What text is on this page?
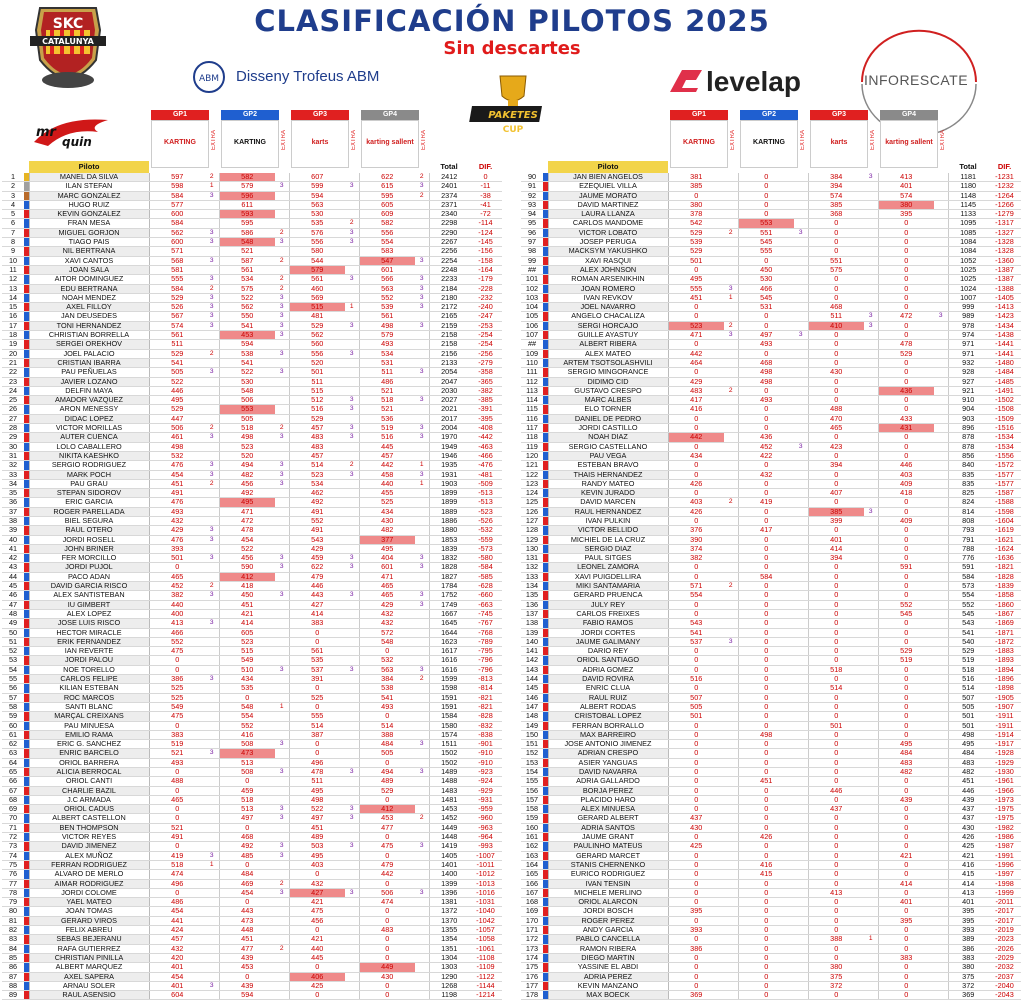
CLASIFICACIÓN PILOTOS 2025
Sin descartes
SKC
CATALUNYA
mr
quin
ABM Disseny Trofeus ABM
PAKETES
CUP
levelap	INFORESCATE
GP1
KARTING	EXTRA
GP2
KARTING	EXTRA
GP3
karts	EXTRA
GP4
karting sallent	EXTRA
Piloto	Total	DIF.
GP1
KARTING	EXTRA
GP2
KARTING	EXTRA
GP3
karts	EXTRA
GP4
karting sallent	EXTRA
Piloto	Total	DIF.
1		MANEL DA SILVA	597	2	582		607		622	2	2412	0
2		ILAN STEFAN	598	1	579	3	599	3	615	3	2401	-11
3		MARC GONZALEZ	584	3	596		594		595	2	2374	-38
4		HUGO RUIZ	577		611		563		605		2371	-41
5		KEVIN GONZALEZ	600		593		530		609		2340	-72
6		FRAN MESA	584		595		535	2	582		2298	-114
7		MIGUEL GORJON	562	3	586	2	576	3	556		2290	-124
8		TIAGO PAIS	600	3	548	3	556	3	554		2267	-145
9		NIL BERTRANA	571		521		580		583		2256	-156
10		XAVI CANTOS	568	3	587	2	544		547	3	2254	-158
11		JOAN SALA	581		561		579		601		2248	-164
12		AITOR DOMINGUEZ	555	3	534	2	561	3	566	3	2233	-179
13		EDU BERTRANA	584	2	575	2	460		563	3	2184	-228
14		NOAH MENDEZ	529	3	522	3	569		552	3	2180	-232
15		AXEL FILLOY	526	3	562	3	515	1	539	3	2172	-240
16		JAN DEUSEDES	567	3	550	3	481		561		2165	-247
17		TONI HERNANDEZ	574	3	541	3	529	3	498	3	2159	-253
18		CHRISTIAN BORRELLA	561		453	3	562		579		2158	-254
19		SERGEI OREKHOV	511		594		560		493		2158	-254
20		JOEL PALACIO	529	2	538	3	556	3	534		2156	-256
21		CRISTIAN IBARRA	541		541		520		531		2133	-279
22		PAU PEÑUELAS	505	3	522	3	501		511	3	2054	-358
23		JAVIER LOZANO	522		530		511		486		2047	-365
24		DELFIN MAYA	446		548		515		521		2030	-382
25		AMADOR VAZQUEZ	495		506		512	3	518	3	2027	-385
26		ARON MENESSY	529		553		516	3	521		2021	-391
27		DIDAC LOPEZ	447		505		529		536		2017	-395
28		VICTOR MORILLAS	506	2	518	2	457	3	519	3	2004	-408
29		AUTER CUENCA	461	3	498	3	483	3	516	3	1970	-442
30		LOLO CABALLERO	498		523		483		445		1949	-463
31		NIKITA KAESHKO	532		520		457		457		1946	-466
32		SERGIO RODRIGUEZ	476	3	494	3	514	2	442	1	1935	-476
33		MARK POCH	454	3	482	3	523	3	458	3	1931	-481
34		PAU GRAU	451	2	456	3	534		440	1	1903	-509
35		STEPAN SIDOROV	491		492		462		455		1899	-513
36		ERIC GARCIA	476		495		492		525		1899	-513
37		ROGER PARELLADA	493		471		491		434		1889	-523
38		BIEL SEGURA	432		472		552		430		1886	-526
39		RAUL OTERO	429	3	478		491		482		1880	-532
40		JORDI ROSELL	476	3	454		543		377		1853	-559
41		JOHN BRINER	393		522		429		495		1839	-573
42		FER MORCILLO	501	3	456	3	459	3	404	3	1832	-580
43		JORDI PUJOL	0		590	3	622	3	601	3	1828	-584
44		PACO ADAN	465		412		479		471		1827	-585
45		DAVID GARCIA RISCO	452	2	418		446		465		1784	-628
46		ALEX SANTISTEBAN	382	3	450	3	443	3	465	3	1752	-660
47		IU GIMBERT	440		451		427		429	3	1749	-663
48		ALEX LOPEZ	400		421		414		432		1667	-745
49		JOSE LUIS RISCO	413	3	414		383		432		1645	-767
50		HECTOR MIRACLE	466		605		0		572		1644	-768
51		ERIK FERNANDEZ	552		523		0		548		1623	-789
52		IAN REVERTE	475		515		561		0		1617	-795
53		JORDI PALOU	0		549		535		532		1616	-796
54		NOE TORELLO	0		510	3	537	3	563	3	1616	-796
55		CARLOS FELIPE	386	3	434		391		384	2	1599	-813
56		KILIAN ESTEBAN	525		535		0		538		1598	-814
57		ROC MARCOS	525		0		525		541		1591	-821
58		SANTI BLANC	549		548	1	0		493		1591	-821
59		MARÇAL CREIXANS	475		554		555		0		1584	-828
60		PAU MINUESA	0		552		514		514		1580	-832
61		EMILIO RAMA	383		416		387		388		1574	-838
62		ERIC G. SANCHEZ	519		508	3	0		484	3	1511	-901
63		ENRIC BARCELO	521	3	473		0		505		1502	-910
64		ORIOL BARRERA	493		513		496		0		1502	-910
65		ALICIA BERROCAL	0		508	3	478	3	494	3	1489	-923
66		ORIOL CANTI	488		0		511		489		1488	-924
67		CHARLIE BAZIL	0		459		495		529		1483	-929
68		J.C ARMADA	465		518		498		0		1481	-931
69		ORIOL CADUS	0		513	3	522	3	412		1453	-959
70		ALBERT CASTELLON	0		497	3	497	3	453	2	1452	-960
71		BEN THOMPSON	521		0		451		477		1449	-963
72		VICTOR REYES	491		468		489		0		1448	-964
73		DAVID JIMENEZ	0		492	3	503	3	475	3	1419	-993
74		ALEX MUÑOZ	419	3	485	3	495		0		1405	-1007
75		FERRAN RODRIGUEZ	518	1	0		403		479		1401	-1011
76		ALVARO DE MERLO	474		484		0		442		1400	-1012
77		AIMAR RODRIGUEZ	496		469	2	432		0		1399	-1013
78		JORDI COLOME	0		454	3	427	3	506	3	1396	-1016
79		YAEL MATEO	486		0		421		474		1381	-1031
80		JOAN TOMAS	454		443		475		0		1372	-1040
81		GERARD VIROS	441		473		456		0		1370	-1042
82		FELIX ABREU	424		448		0		483		1355	-1057
83		SEBAS BEJERANU	457		451		421		0		1354	-1058
84		RAFA GUTIERREZ	432		477	2	440		0		1351	-1061
85		CHRISTIAN PINILLA	420		439		445		0		1304	-1108
86		ALBERT MARQUEZ	401		453		0		449		1303	-1109
87		AXEL SAPERA	454		0		406		430		1290	-1122
88		ARNAU SOLER	401	3	439		425		0		1268	-1144
89		RAUL ASENSIO	604		594		0		0		1198	-1214
90		JAN BIEN ANGELOS	381		0		384	3	413		1181	-1231
91		EZEQUIEL VILLA	385		0		394		401		1180	-1232
92		JAUME MORATO	0		0		574		574		1148	-1264
93		DAVID MARTINEZ	380		0		385		380		1145	-1266
94		LAURA LLANZA	378		0		368		395		1133	-1279
95		CARLOS MANDOME	542		553		0		0		1095	-1317
96		VICTOR LOBATO	529	2	551	3	0		0		1085	-1327
97		JOSEP PERUGA	539		545		0		0		1084	-1328
98		MACKSYM YAKUSHKO	529		555		0		0		1084	-1328
99		XAVI RASQUI	501		0		551		0		1052	-1360
##		ALEX JOHNSON	0		450		575		0		1025	-1387
101		ROMAN ARSENIKHIN	495		530		0		0		1025	-1387
102		JOAN ROMERO	555	3	466		0		0		1024	-1388
103		IVAN REVKOV	451	1	545		0		0		1007	-1405
104		JOEL NAVARRO	0		531		468		0		999	-1413
105		ANGELO CHACALIZA	0		0		511	3	472	3	989	-1423
106		SERGI HORCAJO	523	2	0		410	3	0		978	-1434
107		GUILLE AYASTUY	471	3	497	3	0		0		974	-1438
##		ALBERT RIBERA	0		493		0		478		971	-1441
109		ALEX MATEO	442		0		0		529		971	-1441
110		ARTEM TSOTSOLASHVILI	464		468		0		0		932	-1480
111		SERGIO MINGORANCE	0		498		430		0		928	-1484
112		DIDIMO CID	429		498		0		0		927	-1485
113		GUSTAVO CRESPO	483	2	0		0		436		921	-1491
114		MARC ALBES	417		493		0		0		910	-1502
115		ELO TORNER	416		0		488		0		904	-1508
116		DANIEL DE PEDRO	0		0		470		433		903	-1509
117		JORDI CASTILLO	0		0		465		431		896	-1516
118		NOAH DIAZ	442		436		0		0		878	-1534
119		SERGIO CASTELLANO	0		452	3	423		0		878	-1534
120		PAU VEGA	434		422		0		0		856	-1556
121		ESTEBAN BRAVO	0		0		394		446		840	-1572
122		THAIS HERNANDEZ	0		432		0		403		835	-1577
123		RANDY MATEO	426		0		0		409		835	-1577
124		KEVIN JURADO	0		0		407		418		825	-1587
125		DAVID MARCEN	403	2	419		0		0		824	-1588
126		RAUL HERNANDEZ	426		0		385	3	0		814	-1598
127		IVAN PULKIN	0		0		399		409		808	-1604
128		VICTOR BELLIDO	376		417		0		0		793	-1619
129		MICHIEL DE LA CRUZ	390		0		401		0		791	-1621
130		SERGIO DIAZ	374		0		414		0		788	-1624
131		PAUL SITGES	382		0		394		0		776	-1636
132		LEONEL ZAMORA	0		0		0		591		591	-1821
133		XAVI PUIGDELLIRA	0		584		0		0		584	-1828
134		MIKI SANTAMARIA	571	2	0		0		0		573	-1839
135		GERARD PRUENCA	554		0		0		0		554	-1858
136		JULY REY	0		0		0		552		552	-1860
137		CARLOS FREIXES	0		0		0		545		545	-1867
138		FABIO RAMOS	543		0		0		0		543	-1869
139		JORDI CORTES	541		0		0		0		541	-1871
140		JAUME GALIMANY	537	3	0		0		0		540	-1872
141		DARIO REY	0		0		0		529		529	-1883
142		ORIOL SANTIAGO	0		0		0		519		519	-1893
143		ADRIA GOMEZ	0		0		518		0		518	-1894
144		DAVID ROVIRA	516		0		0		0		516	-1896
145		ENRIC CLUA	0		0		514		0		514	-1898
146		RAUL RUIZ	507		0		0		0		507	-1905
147		ALBERT RODAS	505		0		0		0		505	-1907
148		CRISTOBAL LOPEZ	501		0		0		0		501	-1911
149		FERRAN BORRALLO	0		0		501		0		501	-1911
150		MAX BARREIRO	0		498		0		0		498	-1914
151		JOSE ANTONIO JIMENEZ	0		0		0		495		495	-1917
152		ADRIAN CRESPO	0		0		0		484		484	-1928
153		ASIER YANGUAS	0		0		0		483		483	-1929
154		DAVID NAVARRA	0		0		0		482		482	-1930
155		ADRIA GALLARDO	0		451		0		0		451	-1961
156		BORJA PEREZ	0		0		446		0		446	-1966
157		PLACIDO HARO	0		0		0		439		439	-1973
158		ALEX MINUESA	0		0		437		0		437	-1975
159		GERARD ALBERT	437		0		0		0		437	-1975
160		ADRIA SANTOS	430		0		0		0		430	-1982
161		JAUME GRANT	0		426		0		0		426	-1986
162		PAULINHO MATEUS	425		0		0		0		425	-1987
163		GERARD MARCET	0		0		0		421		421	-1991
164		STANIS CHERNENKO	0		416		0		0		416	-1996
165		EURICO RODRIGUEZ	0		415		0		0		415	-1997
166		IVAN TENSIN	0		0		0		414		414	-1998
167		MICHELE MERLINO	0		0		413		0		413	-1999
168		ORIOL ALARCON	0		0		0		401		401	-2011
169		JORDI BOSCH	395		0		0		0		395	-2017
170		ROGER PEREZ	0		0		0		395		395	-2017
171		ANDY GARCIA	393		0		0		0		393	-2019
172		PABLO CANCELLA	0		0		388	1	0		389	-2023
173		RAMON RIBERA	386		0		0		0		386	-2026
174		DIEGO MARTIN	0		0		0		383		383	-2029
175		YASSINE EL ABDI	0		0		380		0		380	-2032
176		ADRIA PEREZ	0		0		375		0		375	-2037
177		KEVIN MANZANO	0		0		372		0		372	-2040
178		MAX BOECK	369		0		0		0		369	-2043
